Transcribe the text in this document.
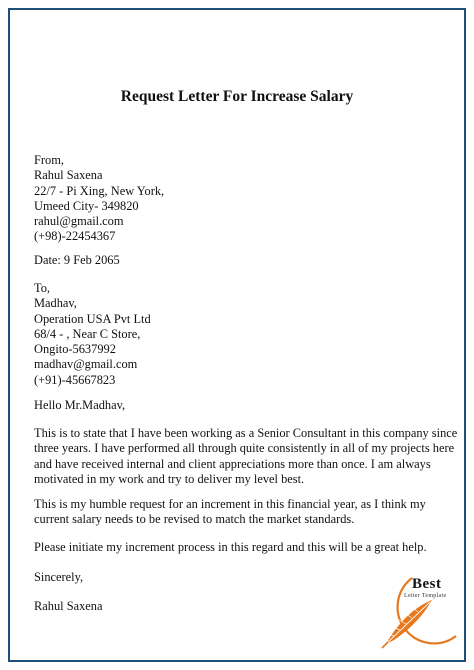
Request Letter For Increase Salary
From,
Rahul Saxena
22/7 - Pi Xing, New York,
Umeed City- 349820
rahul@gmail.com
(+98)-22454367
Date: 9 Feb 2065
To,
Madhav,
Operation USA Pvt Ltd
68/4 - , Near C Store,
Ongito-5637992
madhav@gmail.com
(+91)-45667823
Hello Mr.Madhav,
This is to state that I have been working as a Senior Consultant in this company since
three years. I have performed all through quite consistently in all of my projects here
and have received internal and client appreciations more than once. I am always
motivated in my work and try to deliver my level best.
This is my humble request for an increment in this financial year, as I think my
current salary needs to be revised to match the market standards.
Please initiate my increment process in this regard and this will be a great help.
Sincerely,
Rahul Saxena
Best
Letter Template
